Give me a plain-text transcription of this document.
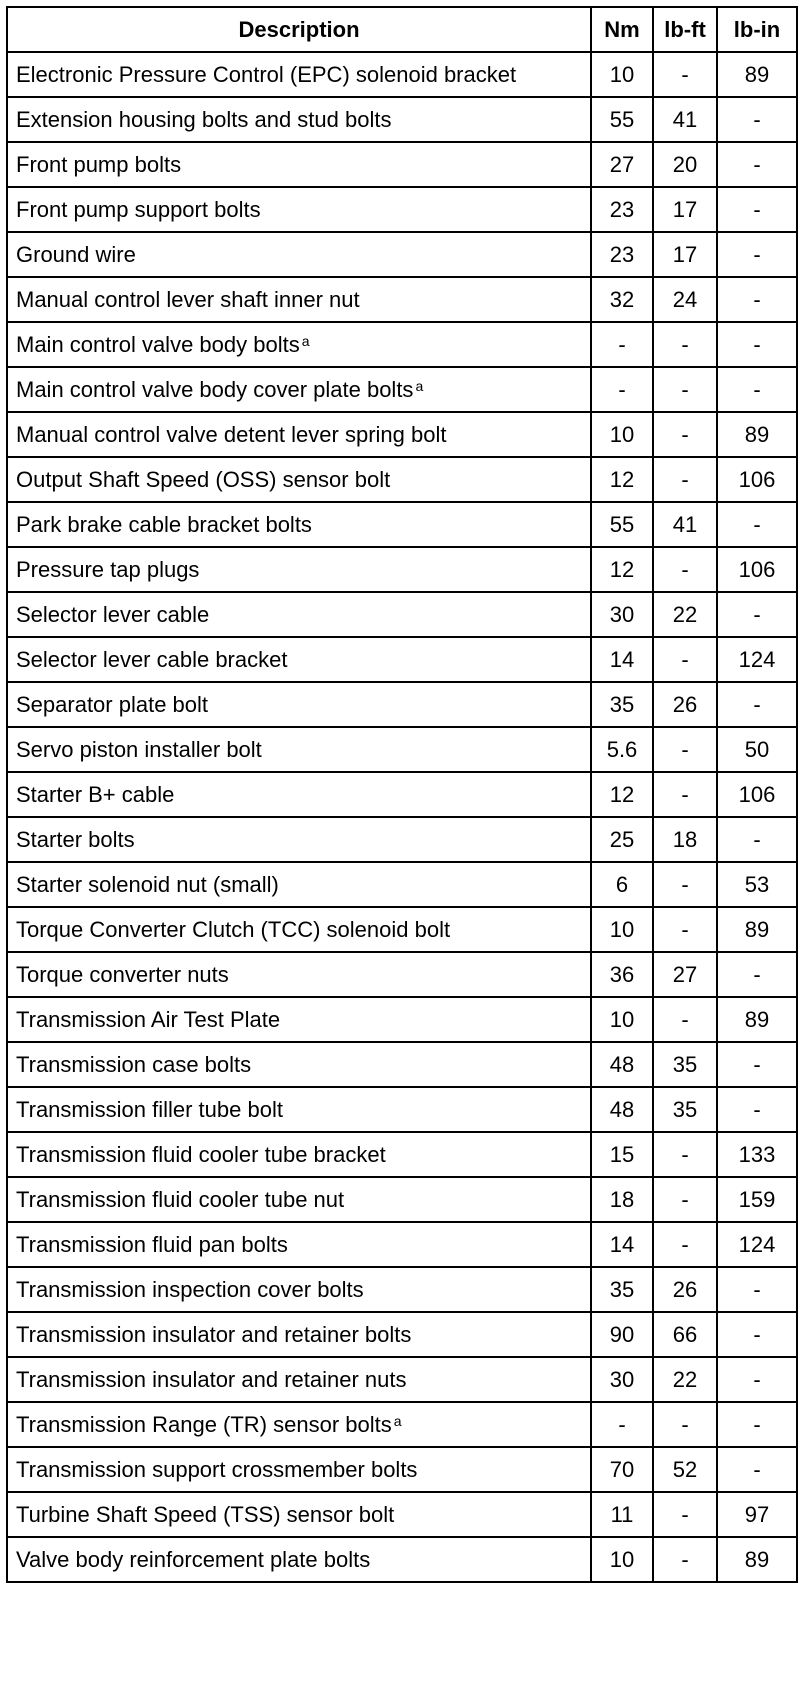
Description	Nm	lb-ft	lb-in
Electronic Pressure Control (EPC) solenoid bracket	10	-	89
Extension housing bolts and stud bolts	55	41	-
Front pump bolts	27	20	-
Front pump support bolts	23	17	-
Ground wire	23	17	-
Manual control lever shaft inner nut	32	24	-
Main control valve body bolts $^a$	-	-	-
Main control valve body cover plate bolts $^a$	-	-	-
Manual control valve detent lever spring bolt	10	-	89
Output Shaft Speed (OSS) sensor bolt	12	-	106
Park brake cable bracket bolts	55	41	-
Pressure tap plugs	12	-	106
Selector lever cable	30	22	-
Selector lever cable bracket	14	-	124
Separator plate bolt	35	26	-
Servo piston installer bolt	5.6	-	50
Starter B+ cable	12	-	106
Starter bolts	25	18	-
Starter solenoid nut (small)	6	-	53
Torque Converter Clutch (TCC) solenoid bolt	10	-	89
Torque converter nuts	36	27	-
Transmission Air Test Plate	10	-	89
Transmission case bolts	48	35	-
Transmission filler tube bolt	48	35	-
Transmission fluid cooler tube bracket	15	-	133
Transmission fluid cooler tube nut	18	-	159
Transmission fluid pan bolts	14	-	124
Transmission inspection cover bolts	35	26	-
Transmission insulator and retainer bolts	90	66	-
Transmission insulator and retainer nuts	30	22	-
Transmission Range (TR) sensor bolts $^a$	-	-	-
Transmission support crossmember bolts	70	52	-
Turbine Shaft Speed (TSS) sensor bolt	11	-	97
Valve body reinforcement plate bolts	10	-	89
